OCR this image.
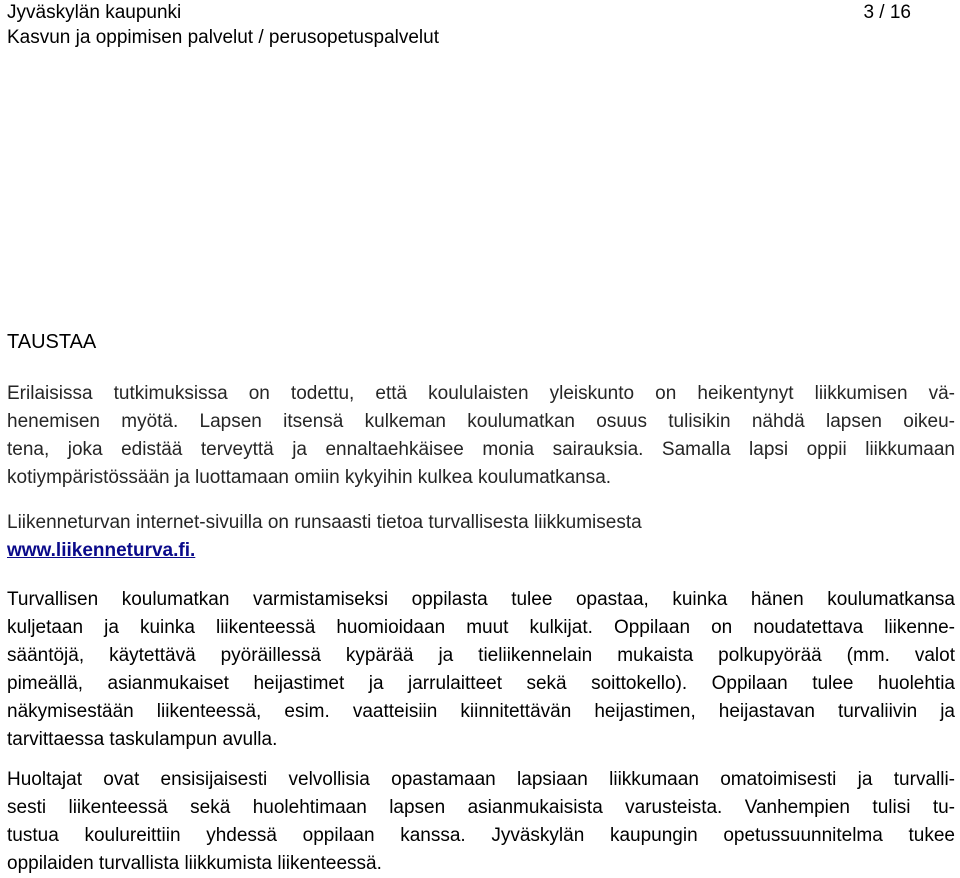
Jyväskylän kaupunki	3 / 16
Kasvun ja oppimisen palvelut / perusopetuspalvelut
TAUSTAA
Erilaisissa tutkimuksissa on todettu, että koululaisten yleiskunto on heikentynyt liikkumisen vä-
henemisen myötä. Lapsen itsensä kulkeman koulumatkan osuus tulisikin nähdä lapsen oikeu-
tena, joka edistää terveyttä ja ennaltaehkäisee monia sairauksia. Samalla lapsi oppii liikkumaan
kotiympäristössään ja luottamaan omiin kykyihin kulkea koulumatkansa.
Liikenneturvan internet-sivuilla on runsaasti tietoa turvallisesta liikkumisesta
www.liikenneturva.fi.
Turvallisen koulumatkan varmistamiseksi oppilasta tulee opastaa, kuinka hänen koulumatkansa
kuljetaan ja kuinka liikenteessä huomioidaan muut kulkijat. Oppilaan on noudatettava liikenne-
sääntöjä, käytettävä pyöräillessä kypärää ja tieliikennelain mukaista polkupyörää (mm. valot
pimeällä, asianmukaiset heijastimet ja jarrulaitteet sekä soittokello). Oppilaan tulee huolehtia
näkymisestään liikenteessä, esim. vaatteisiin kiinnitettävän heijastimen, heijastavan turvaliivin ja
tarvittaessa taskulampun avulla.
Huoltajat ovat ensisijaisesti velvollisia opastamaan lapsiaan liikkumaan omatoimisesti ja turvalli-
sesti liikenteessä sekä huolehtimaan lapsen asianmukaisista varusteista. Vanhempien tulisi tu-
tustua koulureittiin yhdessä oppilaan kanssa. Jyväskylän kaupungin opetussuunnitelma tukee
oppilaiden turvallista liikkumista liikenteessä.
